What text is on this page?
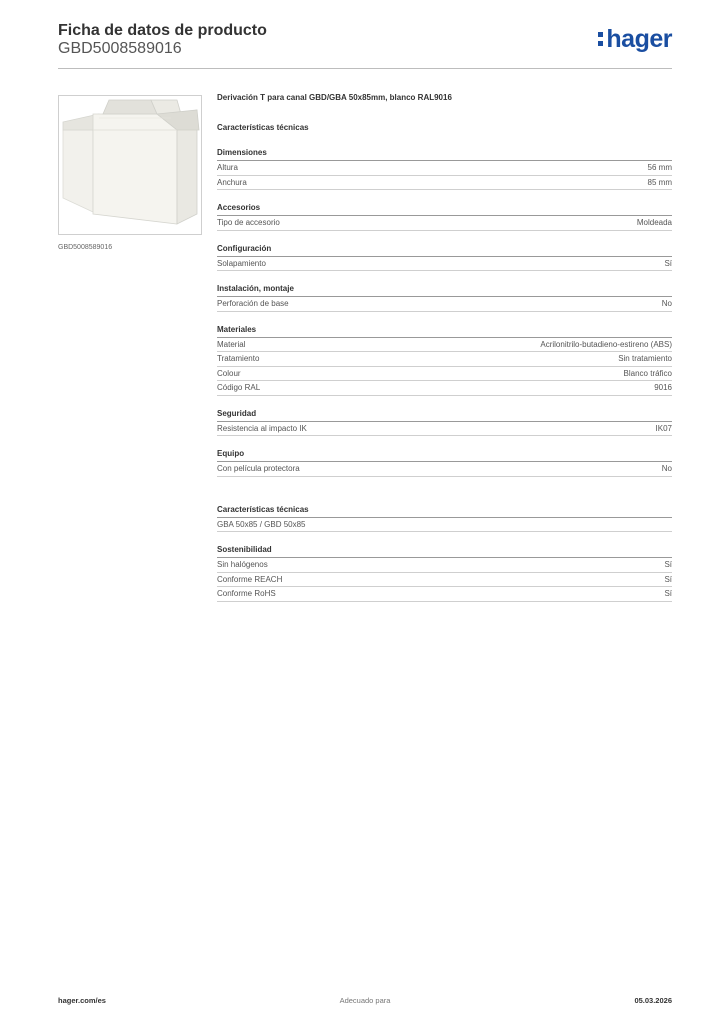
Ficha de datos de producto
GBD5008589016	hager
GBD5008589016
Derivación T para canal GBD/GBA 50x85mm, blanco RAL9016
Características técnicas
Dimensiones
Altura	56 mm
Anchura	85 mm
Accesorios
Tipo de accesorio	Moldeada
Configuración
Solapamiento	Sí
Instalación, montaje
Perforación de base	No
Materiales
Material	Acrilonitrilo-butadieno-estireno (ABS)
Tratamiento	Sin tratamiento
Colour	Blanco tráfico
Código RAL	9016
Seguridad
Resistencia al impacto IK	IK07
Equipo
Con película protectora	No
Características técnicas
GBA 50x85 / GBD 50x85
Sostenibilidad
Sin halógenos	Sí
Conforme REACH	Sí
Conforme RoHS	Sí
hager.com/es	Adecuado para	05.03.2026
